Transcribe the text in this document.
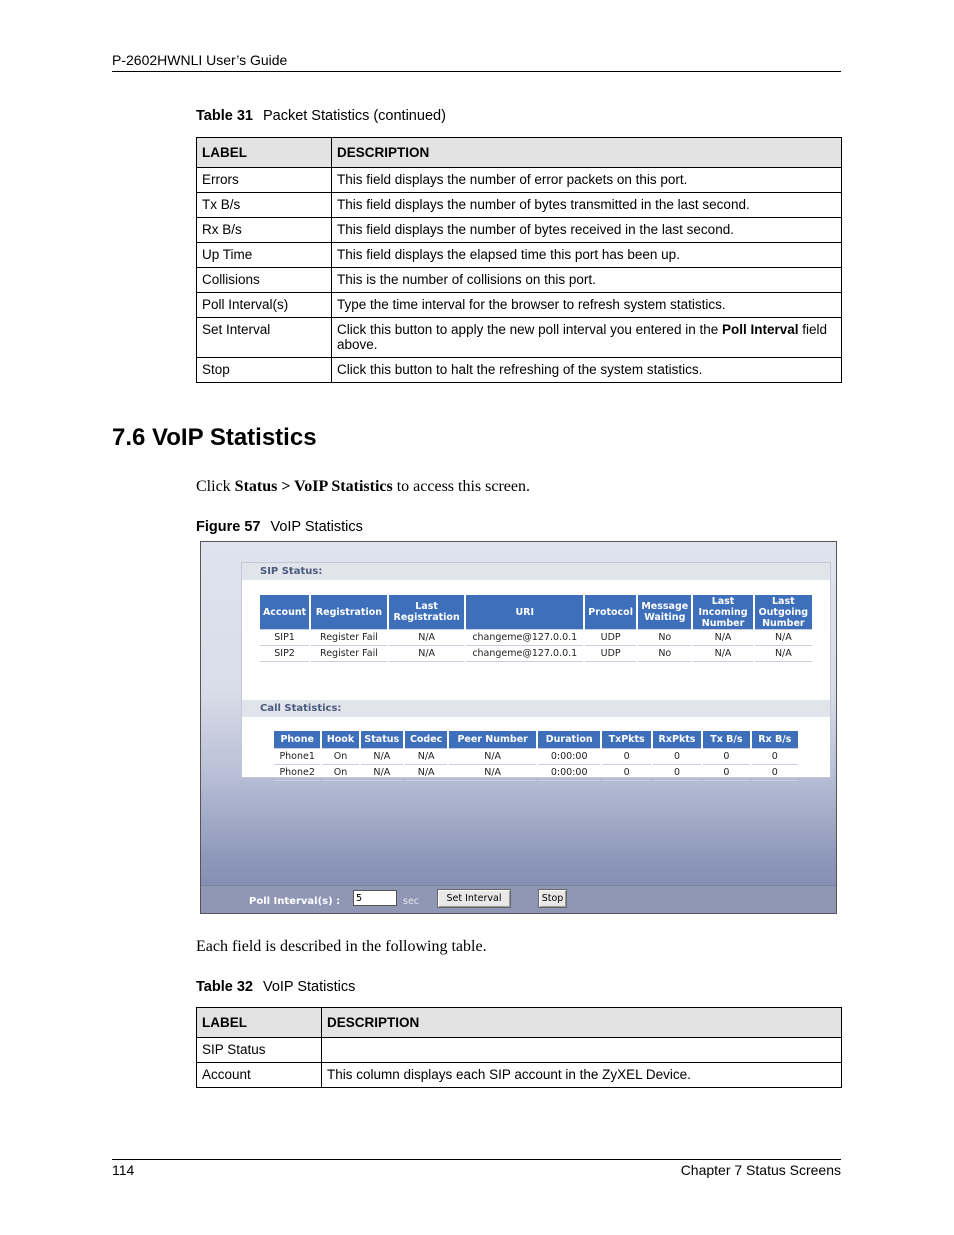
P-2602HWNLI User’s Guide
Table 31 Packet Statistics (continued)
LABEL	DESCRIPTION
Errors	This field displays the number of error packets on this port.
Tx B/s	This field displays the number of bytes transmitted in the last second.
Rx B/s	This field displays the number of bytes received in the last second.
Up Time	This field displays the elapsed time this port has been up.
Collisions	This is the number of collisions on this port.
Poll Interval(s)	Type the time interval for the browser to refresh system statistics.
Set Interval	Click this button to apply the new poll interval you entered in the Poll Interval field above.
Stop	Click this button to halt the refreshing of the system statistics.
7.6 VoIP Statistics
Click Status > VoIP Statistics to access this screen.
Figure 57 VoIP Statistics
SIP Status:
Account	Registration	Last Registration	URI	Protocol	Message Waiting	Last Incoming Number	Last Outgoing Number
SIP1	Register Fail	N/A	changeme@127.0.0.1	UDP	No	N/A	N/A
SIP2	Register Fail	N/A	changeme@127.0.0.1	UDP	No	N/A	N/A
Call Statistics:
Phone	Hook	Status	Codec	Peer Number	Duration	TxPkts	RxPkts	Tx B/s	Rx B/s
Phone1	On	N/A	N/A	N/A	0:00:00	0	0	0	0
Phone2	On	N/A	N/A	N/A	0:00:00	0	0	0	0
Poll Interval(s) :
5	sec	Set Interval	Stop
Each field is described in the following table.
Table 32 VoIP Statistics
LABEL	DESCRIPTION
SIP Status	
Account	This column displays each SIP account in the ZyXEL Device.
114	Chapter 7 Status Screens
